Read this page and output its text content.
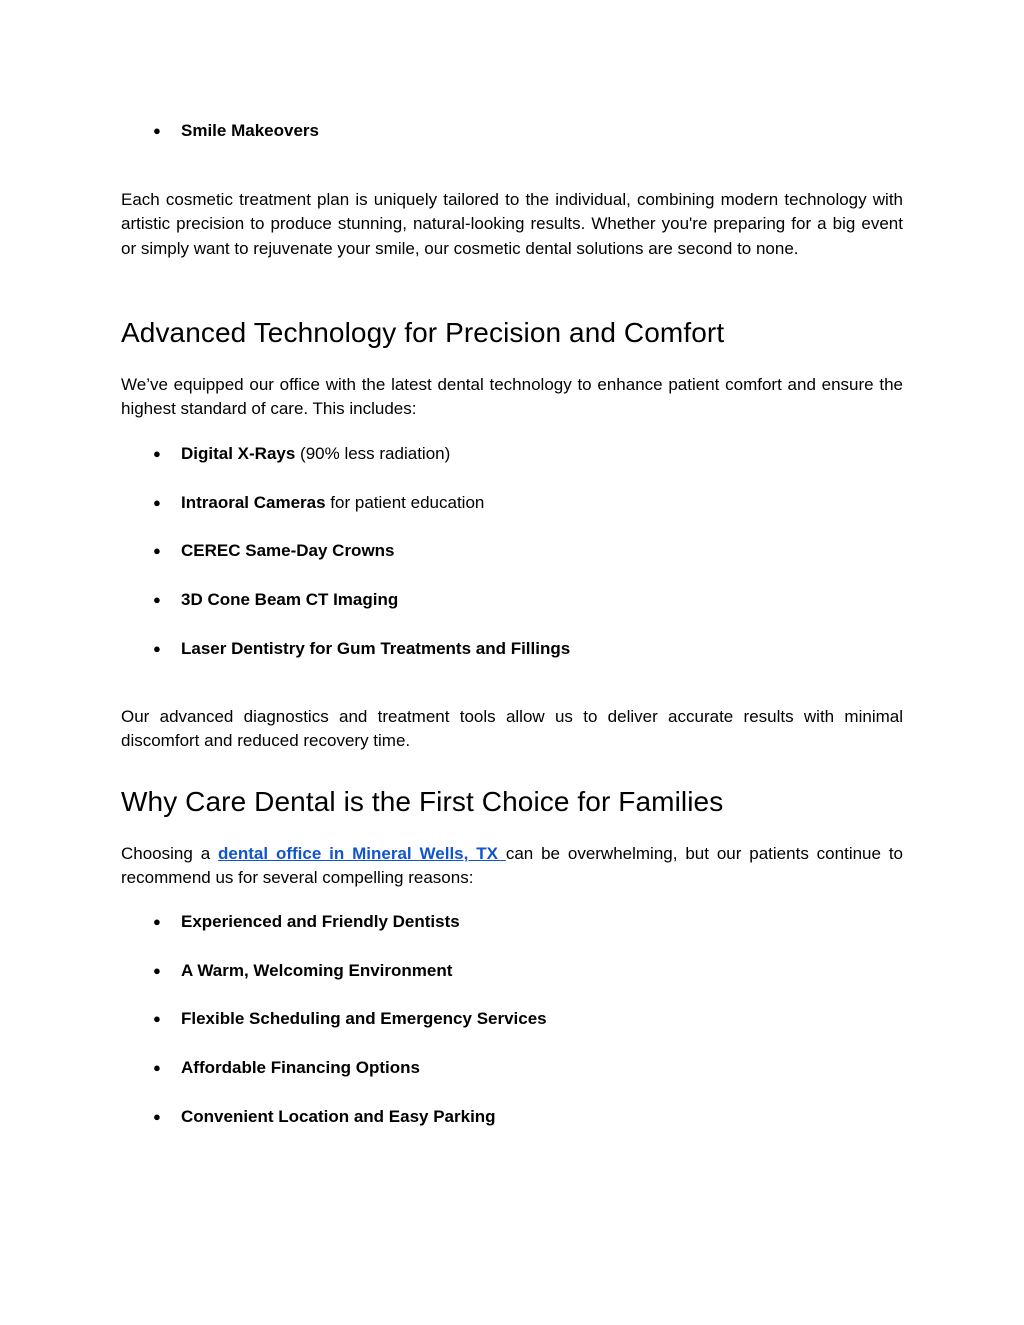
● Smile Makeovers

Each cosmetic treatment plan is uniquely tailored to the individual, combining modern technology with artistic precision to produce stunning, natural-looking results. Whether you're preparing for a big event or simply want to rejuvenate your smile, our cosmetic dental solutions are second to none.

Advanced Technology for Precision and Comfort

We’ve equipped our office with the latest dental technology to enhance patient comfort and ensure the highest standard of care. This includes:

● Digital X-Rays (90% less radiation)
● Intraoral Cameras for patient education
● CEREC Same-Day Crowns
● 3D Cone Beam CT Imaging
● Laser Dentistry for Gum Treatments and Fillings

Our advanced diagnostics and treatment tools allow us to deliver accurate results with minimal discomfort and reduced recovery time.

Why Care Dental is the First Choice for Families

Choosing a dental office in Mineral Wells, TX can be overwhelming, but our patients continue to recommend us for several compelling reasons:

● Experienced and Friendly Dentists
● A Warm, Welcoming Environment
● Flexible Scheduling and Emergency Services
● Affordable Financing Options
● Convenient Location and Easy Parking
